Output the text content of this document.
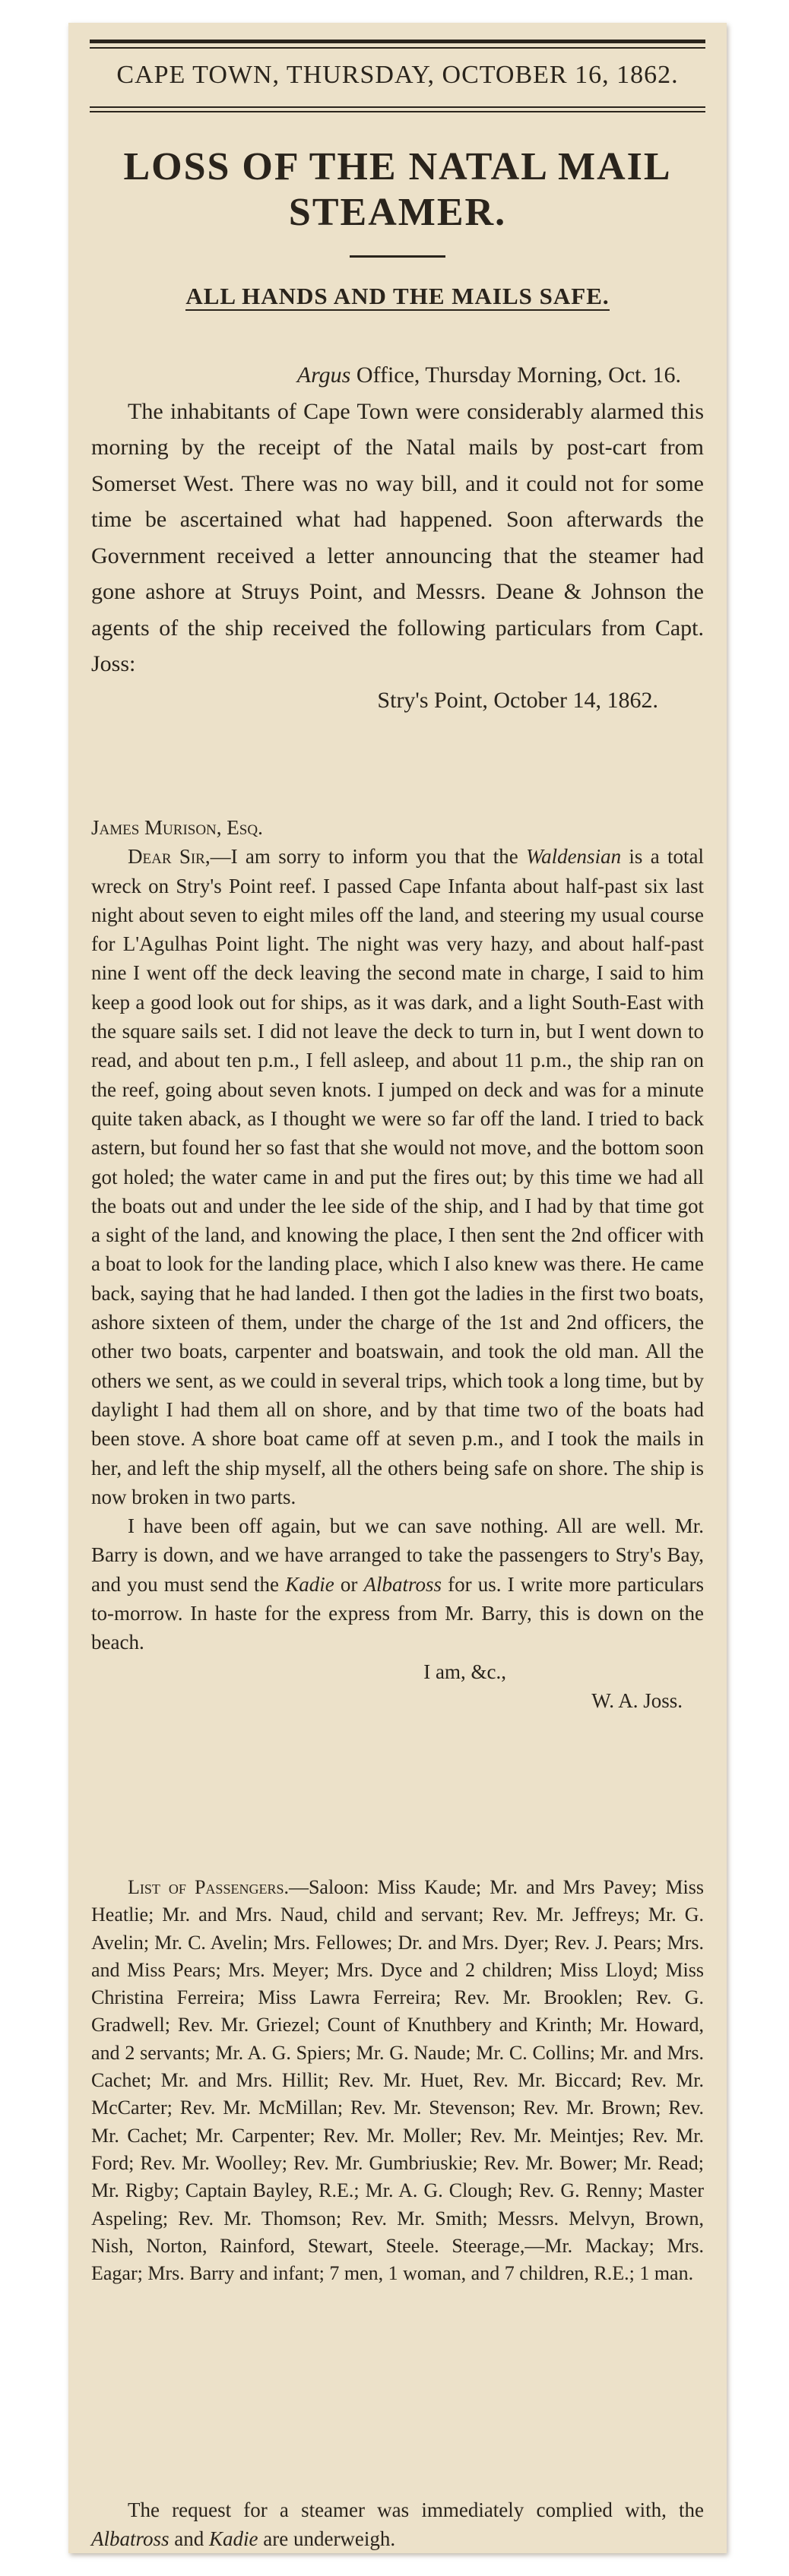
CAPE TOWN, THURSDAY, OCTOBER 16, 1862.
LOSS OF THE NATAL MAIL STEAMER.
ALL HANDS AND THE MAILS SAFE.

Argus Office, Thursday Morning, Oct. 16.

The inhabitants of Cape Town were considerably alarmed this morning by the receipt of the Natal mails by post-cart from Somerset West. There was no way bill, and it could not for some time be ascertained what had happened. Soon afterwards the Government received a letter announcing that the steamer had gone ashore at Struys Point, and Messrs. Deane & Johnson the agents of the ship received the following particulars from Capt. Joss:

Stry's Point, October 14, 1862.

James Murison, Esq.

Dear Sir,—I am sorry to inform you that the Waldensian is a total wreck on Stry's Point reef. I passed Cape Infanta about half-past six last night about seven to eight miles off the land, and steering my usual course for L'Agulhas Point light. The night was very hazy, and about half-past nine I went off the deck leaving the second mate in charge, I said to him keep a good look out for ships, as it was dark, and a light South-East with the square sails set. I did not leave the deck to turn in, but I went down to read, and about ten p.m., I fell asleep, and about 11 p.m., the ship ran on the reef, going about seven knots. I jumped on deck and was for a minute quite taken aback, as I thought we were so far off the land. I tried to back astern, but found her so fast that she would not move, and the bottom soon got holed; the water came in and put the fires out; by this time we had all the boats out and under the lee side of the ship, and I had by that time got a sight of the land, and knowing the place, I then sent the 2nd officer with a boat to look for the landing place, which I also knew was there. He came back, saying that he had landed. I then got the ladies in the first two boats, ashore sixteen of them, under the charge of the 1st and 2nd officers, the other two boats, carpenter and boatswain, and took the old man. All the others we sent, as we could in several trips, which took a long time, but by daylight I had them all on shore, and by that time two of the boats had been stove. A shore boat came off at seven p.m., and I took the mails in her, and left the ship myself, all the others being safe on shore. The ship is now broken in two parts.

I have been off again, but we can save nothing. All are well. Mr. Barry is down, and we have arranged to take the passengers to Stry's Bay, and you must send the Kadie or Albatross for us. I write more particulars to-morrow. In haste for the express from Mr. Barry, this is down on the beach.

I am, &c.,

W. A. Joss.

List of Passengers.—Saloon: Miss Kaude; Mr. and Mrs Pavey; Miss Heatlie; Mr. and Mrs. Naud, child and servant; Rev. Mr. Jeffreys; Mr. G. Avelin; Mr. C. Avelin; Mrs. Fellowes; Dr. and Mrs. Dyer; Rev. J. Pears; Mrs. and Miss Pears; Mrs. Meyer; Mrs. Dyce and 2 children; Miss Lloyd; Miss Christina Ferreira; Miss Lawra Ferreira; Rev. Mr. Brooklen; Rev. G. Gradwell; Rev. Mr. Griezel; Count of Knuthbery and Krinth; Mr. Howard, and 2 servants; Mr. A. G. Spiers; Mr. G. Naude; Mr. C. Collins; Mr. and Mrs. Cachet; Mr. and Mrs. Hillit; Rev. Mr. Huet, Rev. Mr. Biccard; Rev. Mr. McCarter; Rev. Mr. McMillan; Rev. Mr. Stevenson; Rev. Mr. Brown; Rev. Mr. Cachet; Mr. Carpenter; Rev. Mr. Moller; Rev. Mr. Meintjes; Rev. Mr. Ford; Rev. Mr. Woolley; Rev. Mr. Gumbriuskie; Rev. Mr. Bower; Mr. Read; Mr. Rigby; Captain Bayley, R.E.; Mr. A. G. Clough; Rev. G. Renny; Master Aspeling; Rev. Mr. Thomson; Rev. Mr. Smith; Messrs. Melvyn, Brown, Nish, Norton, Rainford, Stewart, Steele. Steerage,—Mr. Mackay; Mrs. Eagar; Mrs. Barry and infant; 7 men, 1 woman, and 7 children, R.E.; 1 man.

The request for a steamer was immediately complied with, the Albatross and Kadie are underweigh.
